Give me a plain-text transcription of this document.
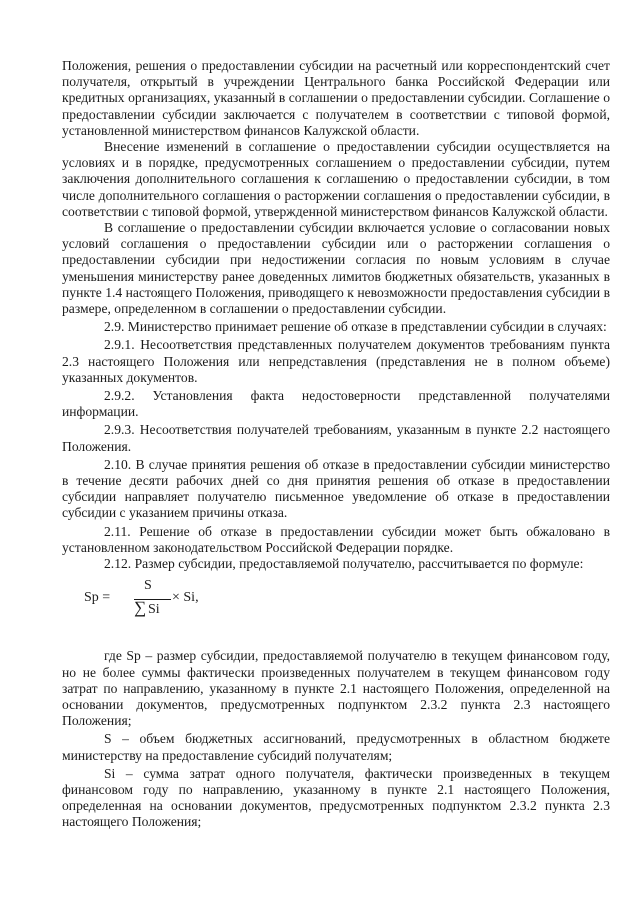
Положения, решения о предоставлении субсидии на расчетный или корреспондентский счет получателя, открытый в учреждении Центрального банка Российской Федерации или кредитных организациях, указанный в соглашении о предоставлении субсидии. Соглашение о предоставлении субсидии заключается с получателем в соответствии с типовой формой, установленной министерством финансов Калужской области.

Внесение изменений в соглашение о предоставлении субсидии осуществляется на условиях и в порядке, предусмотренных соглашением о предоставлении субсидии, путем заключения дополнительного соглашения к соглашению о предоставлении субсидии, в том числе дополнительного соглашения о расторжении соглашения о предоставлении субсидии, в соответствии с типовой формой, утвержденной министерством финансов Калужской области.

В соглашение о предоставлении субсидии включается условие о согласовании новых условий соглашения о предоставлении субсидии или о расторжении соглашения о предоставлении субсидии при недостижении согласия по новым условиям в случае уменьшения министерству ранее доведенных лимитов бюджетных обязательств, указанных в пункте 1.4 настоящего Положения, приводящего к невозможности предоставления субсидии в размере, определенном в соглашении о предоставлении субсидии.

2.9. Министерство принимает решение об отказе в представлении субсидии в случаях:

2.9.1. Несоответствия представленных получателем документов требованиям пункта 2.3 настоящего Положения или непредставления (представления не в полном объеме) указанных документов.

2.9.2. Установления факта недостоверности представленной получателями информации.

2.9.3. Несоответствия получателей требованиям, указанным в пункте 2.2 настоящего Положения.

2.10. В случае принятия решения об отказе в предоставлении субсидии министерство в течение десяти рабочих дней со дня принятия решения об отказе в предоставлении субсидии направляет получателю письменное уведомление об отказе в предоставлении субсидии с указанием причины отказа.

2.11. Решение об отказе в предоставлении субсидии может быть обжаловано в установленном законодательством Российской Федерации порядке.

2.12. Размер субсидии, предоставляемой получателю, рассчитывается по формуле:

Sp =
S
∑ Si
× Si,

где Sp – размер субсидии, предоставляемой получателю в текущем финансовом году, но не более суммы фактически произведенных получателем в текущем финансовом году затрат по направлению, указанному в пункте 2.1 настоящего Положения, определенной на основании документов, предусмотренных подпунктом 2.3.2 пункта 2.3 настоящего Положения;

S – объем бюджетных ассигнований, предусмотренных в областном бюджете министерству на предоставление субсидий получателям;

Si – сумма затрат одного получателя, фактически произведенных в текущем финансовом году по направлению, указанному в пункте 2.1 настоящего Положения, определенная на основании документов, предусмотренных подпунктом 2.3.2 пункта 2.3 настоящего Положения;
